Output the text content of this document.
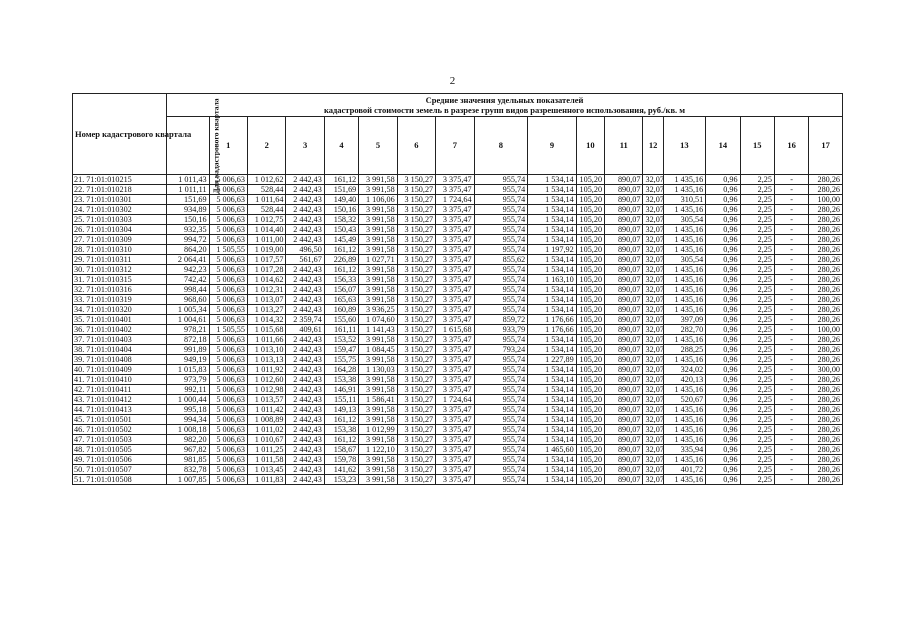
2
Номер кадастрового квартала	Средние значения удельных показателей
кадастровой стоимости земель в разрезе групп видов разрешенного использования, руб./кв. м																	

	Для кадастрового квартала	1	2	3	4	5	6	7	8	9	10	11	12	13	14	15	16	17
21. 71:01:010215	1 011,43	5 006,63	1 012,62	2 442,43	161,12	3 991,58	3 150,27	3 375,47	955,74	1 534,14	105,20	890,07	32,07	1 435,16	0,96	2,25	-	280,26
22. 71:01:010218	1 011,11	5 006,63	528,44	2 442,43	151,69	3 991,58	3 150,27	3 375,47	955,74	1 534,14	105,20	890,07	32,07	1 435,16	0,96	2,25	-	280,26
23. 71:01:010301	151,69	5 006,63	1 011,64	2 442,43	149,40	1 106,06	3 150,27	1 724,64	955,74	1 534,14	105,20	890,07	32,07	310,51	0,96	2,25	-	100,00
24. 71:01:010302	934,89	5 006,63	528,44	2 442,43	150,16	3 991,58	3 150,27	3 375,47	955,74	1 534,14	105,20	890,07	32,07	1 435,16	0,96	2,25	-	280,26
25. 71:01:010303	150,16	5 006,63	1 012,75	2 442,43	158,32	3 991,58	3 150,27	3 375,47	955,74	1 534,14	105,20	890,07	32,07	305,54	0,96	2,25	-	280,26
26. 71:01:010304	932,35	5 006,63	1 014,40	2 442,43	150,43	3 991,58	3 150,27	3 375,47	955,74	1 534,14	105,20	890,07	32,07	1 435,16	0,96	2,25	-	280,26
27. 71:01:010309	994,72	5 006,63	1 011,00	2 442,43	145,49	3 991,58	3 150,27	3 375,47	955,74	1 534,14	105,20	890,07	32,07	1 435,16	0,96	2,25	-	280,26
28. 71:01:010310	864,20	1 505,55	1 019,00	496,50	161,12	3 991,58	3 150,27	3 375,47	955,74	1 197,92	105,20	890,07	32,07	1 435,16	0,96	2,25	-	280,26
29. 71:01:010311	2 064,41	5 006,63	1 017,57	561,67	226,89	1 027,71	3 150,27	3 375,47	855,62	1 534,14	105,20	890,07	32,07	305,54	0,96	2,25	-	280,26
30. 71:01:010312	942,23	5 006,63	1 017,28	2 442,43	161,12	3 991,58	3 150,27	3 375,47	955,74	1 534,14	105,20	890,07	32,07	1 435,16	0,96	2,25	-	280,26
31. 71:01:010315	742,42	5 006,63	1 014,62	2 442,43	156,33	3 991,58	3 150,27	3 375,47	955,74	1 163,10	105,20	890,07	32,07	1 435,16	0,96	2,25	-	280,26
32. 71:01:010316	998,44	5 006,63	1 012,31	2 442,43	156,07	3 991,58	3 150,27	3 375,47	955,74	1 534,14	105,20	890,07	32,07	1 435,16	0,96	2,25	-	280,26
33. 71:01:010319	968,60	5 006,63	1 013,07	2 442,43	165,63	3 991,58	3 150,27	3 375,47	955,74	1 534,14	105,20	890,07	32,07	1 435,16	0,96	2,25	-	280,26
34. 71:01:010320	1 005,34	5 006,63	1 013,27	2 442,43	160,89	3 936,25	3 150,27	3 375,47	955,74	1 534,14	105,20	890,07	32,07	1 435,16	0,96	2,25	-	280,26
35. 71:01:010401	1 004,61	5 006,63	1 014,32	2 359,74	155,60	1 074,60	3 150,27	3 375,47	859,72	1 176,66	105,20	890,07	32,07	397,09	0,96	2,25	-	280,26
36. 71:01:010402	978,21	1 505,55	1 015,68	409,61	161,11	1 141,43	3 150,27	1 615,68	933,79	1 176,66	105,20	890,07	32,07	282,70	0,96	2,25	-	100,00
37. 71:01:010403	872,18	5 006,63	1 011,66	2 442,43	153,52	3 991,58	3 150,27	3 375,47	955,74	1 534,14	105,20	890,07	32,07	1 435,16	0,96	2,25	-	280,26
38. 71:01:010404	991,89	5 006,63	1 013,10	2 442,43	159,47	1 084,45	3 150,27	3 375,47	793,24	1 534,14	105,20	890,07	32,07	288,25	0,96	2,25	-	280,26
39. 71:01:010408	949,19	5 006,63	1 013,13	2 442,43	155,75	3 991,58	3 150,27	3 375,47	955,74	1 227,89	105,20	890,07	32,07	1 435,16	0,96	2,25	-	280,26
40. 71:01:010409	1 015,83	5 006,63	1 011,92	2 442,43	164,28	1 130,03	3 150,27	3 375,47	955,74	1 534,14	105,20	890,07	32,07	324,02	0,96	2,25	-	300,00
41. 71:01:010410	973,79	5 006,63	1 012,60	2 442,43	153,38	3 991,58	3 150,27	3 375,47	955,74	1 534,14	105,20	890,07	32,07	420,13	0,96	2,25	-	280,26
42. 71:01:010411	992,11	5 006,63	1 012,98	2 442,43	146,91	3 991,58	3 150,27	3 375,47	955,74	1 534,14	105,20	890,07	32,07	1 435,16	0,96	2,25	-	280,26
43. 71:01:010412	1 000,44	5 006,63	1 013,57	2 442,43	155,11	1 586,41	3 150,27	1 724,64	955,74	1 534,14	105,20	890,07	32,07	520,67	0,96	2,25	-	280,26
44. 71:01:010413	995,18	5 006,63	1 011,42	2 442,43	149,13	3 991,58	3 150,27	3 375,47	955,74	1 534,14	105,20	890,07	32,07	1 435,16	0,96	2,25	-	280,26
45. 71:01:010501	994,34	5 006,63	1 008,89	2 442,43	161,12	3 991,58	3 150,27	3 375,47	955,74	1 534,14	105,20	890,07	32,07	1 435,16	0,96	2,25	-	280,26
46. 71:01:010502	1 008,18	5 006,63	1 011,02	2 442,43	153,38	1 012,99	3 150,27	3 375,47	955,74	1 534,14	105,20	890,07	32,07	1 435,16	0,96	2,25	-	280,26
47. 71:01:010503	982,20	5 006,63	1 010,67	2 442,43	161,12	3 991,58	3 150,27	3 375,47	955,74	1 534,14	105,20	890,07	32,07	1 435,16	0,96	2,25	-	280,26
48. 71:01:010505	967,82	5 006,63	1 011,25	2 442,43	158,67	1 122,10	3 150,27	3 375,47	955,74	1 465,60	105,20	890,07	32,07	335,94	0,96	2,25	-	280,26
49. 71:01:010506	981,85	5 006,63	1 011,58	2 442,43	159,78	3 991,58	3 150,27	3 375,47	955,74	1 534,14	105,20	890,07	32,07	1 435,16	0,96	2,25	-	280,26
50. 71:01:010507	832,78	5 006,63	1 013,45	2 442,43	141,62	3 991,58	3 150,27	3 375,47	955,74	1 534,14	105,20	890,07	32,07	401,72	0,96	2,25	-	280,26
51. 71:01:010508	1 007,85	5 006,63	1 011,83	2 442,43	153,23	3 991,58	3 150,27	3 375,47	955,74	1 534,14	105,20	890,07	32,07	1 435,16	0,96	2,25	-	280,26
